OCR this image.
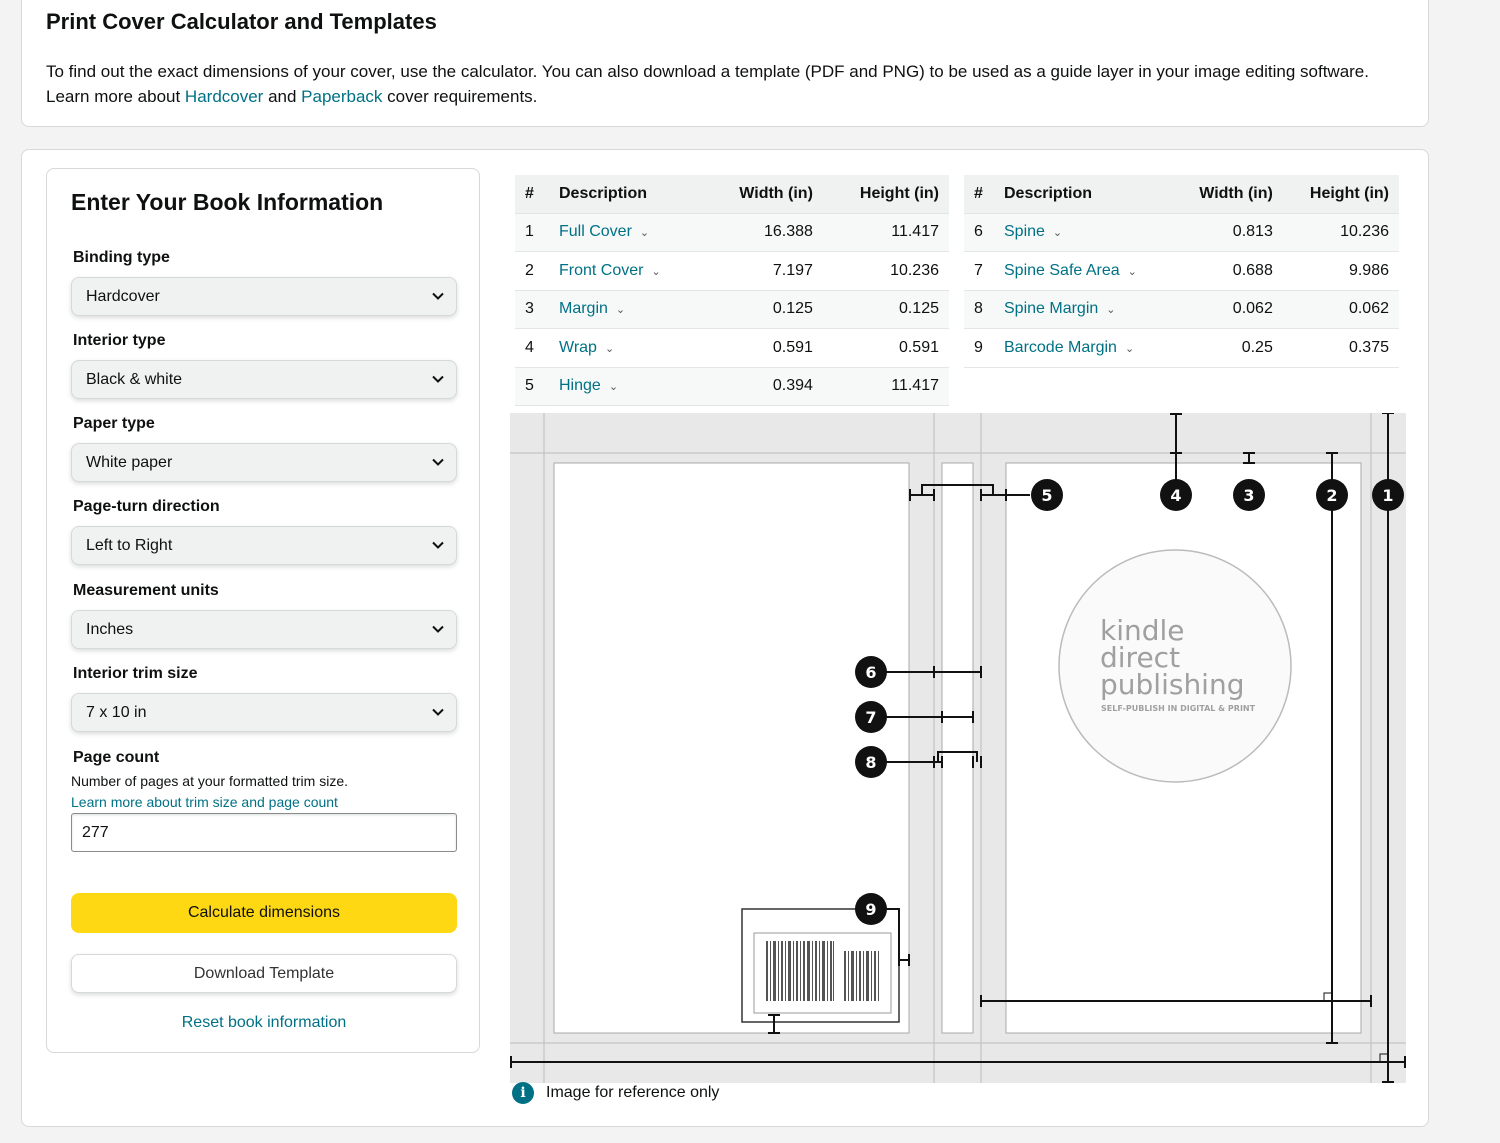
Print Cover Calculator and Templates

To find out the exact dimensions of your cover, use the calculator. You can also download a template (PDF and PNG) to be used as a guide layer in your image editing software. Learn more about Hardcover and Paperback cover requirements.

Enter Your Book Information
Binding type
Hardcover
Interior type
Black & white
Paper type
White paper
Page-turn direction
Left to Right
Measurement units
Inches
Interior trim size
7 x 10 in
Page count
Number of pages at your formatted trim size.
Learn more about trim size and page count
277
Calculate dimensions
Download Template
Reset book information
#	Description	Width (in)	Height (in)
1	Full Cover ⌄	16.388	11.417
2	Front Cover ⌄	7.197	10.236
3	Margin ⌄	0.125	0.125
4	Wrap ⌄	0.591	0.591
5	Hinge ⌄	0.394	11.417
#	Description	Width (in)	Height (in)
6	Spine ⌄	0.813	10.236
7	Spine Safe Area ⌄	0.688	9.986
8	Spine Margin ⌄	0.062	0.062
9	Barcode Margin ⌄	0.25	0.375
kindle
direct
publishing
SELF-PUBLISH IN DIGITAL & PRINT
1
2
3
4
5
6
7
8
9
i	Image for reference only
